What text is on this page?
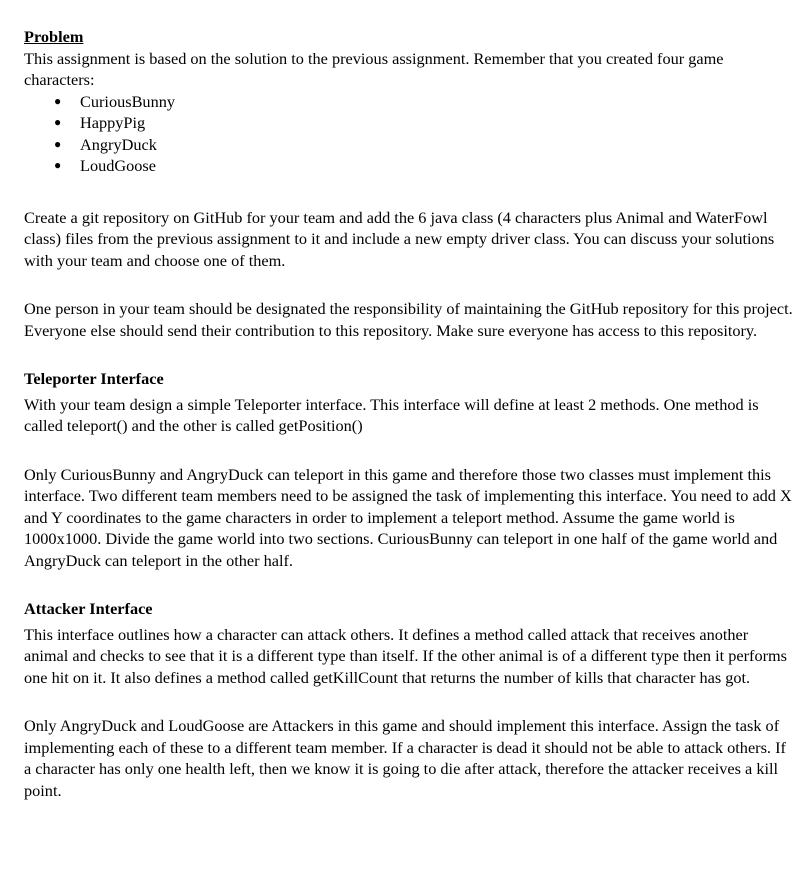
Problem

This assignment is based on the solution to the previous assignment. Remember that you created four game characters:

● CuriousBunny
● HappyPig
● AngryDuck
● LoudGoose

Create a git repository on GitHub for your team and add the 6 java class (4 characters plus Animal and WaterFowl class) files from the previous assignment to it and include a new empty driver class. You can discuss your solutions with your team and choose one of them.

One person in your team should be designated the responsibility of maintaining the GitHub repository for this project. Everyone else should send their contribution to this repository. Make sure everyone has access to this repository.

Teleporter Interface

With your team design a simple Teleporter interface. This interface will define at least 2 methods. One method is called teleport() and the other is called getPosition()

Only CuriousBunny and AngryDuck can teleport in this game and therefore those two classes must implement this interface. Two different team members need to be assigned the task of implementing this interface. You need to add X and Y coordinates to the game characters in order to implement a teleport method. Assume the game world is 1000x1000. Divide the game world into two sections. CuriousBunny can teleport in one half of the game world and AngryDuck can teleport in the other half.

Attacker Interface

This interface outlines how a character can attack others. It defines a method called attack that receives another animal and checks to see that it is a different type than itself. If the other animal is of a different type then it performs one hit on it. It also defines a method called getKillCount that returns the number of kills that character has got.

Only AngryDuck and LoudGoose are Attackers in this game and should implement this interface. Assign the task of implementing each of these to a different team member. If a character is dead it should not be able to attack others. If a character has only one health left, then we know it is going to die after attack, therefore the attacker receives a kill point.
